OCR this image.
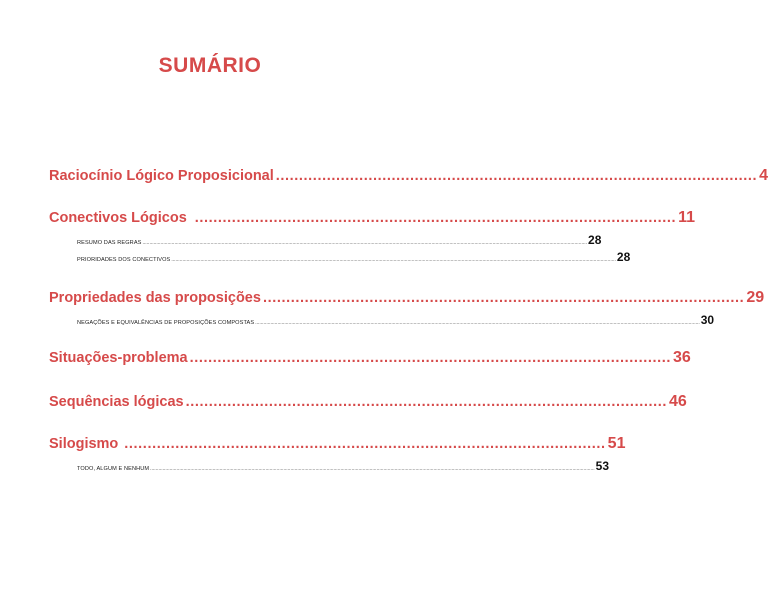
SUMÁRIO
Raciocínio Lógico Proposicional ........................................................................................................ 4
Conectivos Lógicos ........................................................................................................ 11
RESUMO DAS REGRAS ................................................................................................................................................................................................................................................................................................................................ 28
PRIORIDADES DOS CONECTIVOS ................................................................................................................................................................................................................................................................................................................................ 28
Propriedades das proposições ........................................................................................................ 29
NEGAÇÕES E EQUIVALÊNCIAS DE PROPOSIÇÕES COMPOSTAS ................................................................................................................................................................................................................................................................................................................................ 30
Situações-problema ........................................................................................................ 36
Sequências lógicas ........................................................................................................ 46
Silogismo ........................................................................................................ 51
TODO, ALGUM E NENHUM ................................................................................................................................................................................................................................................................................................................................ 53
